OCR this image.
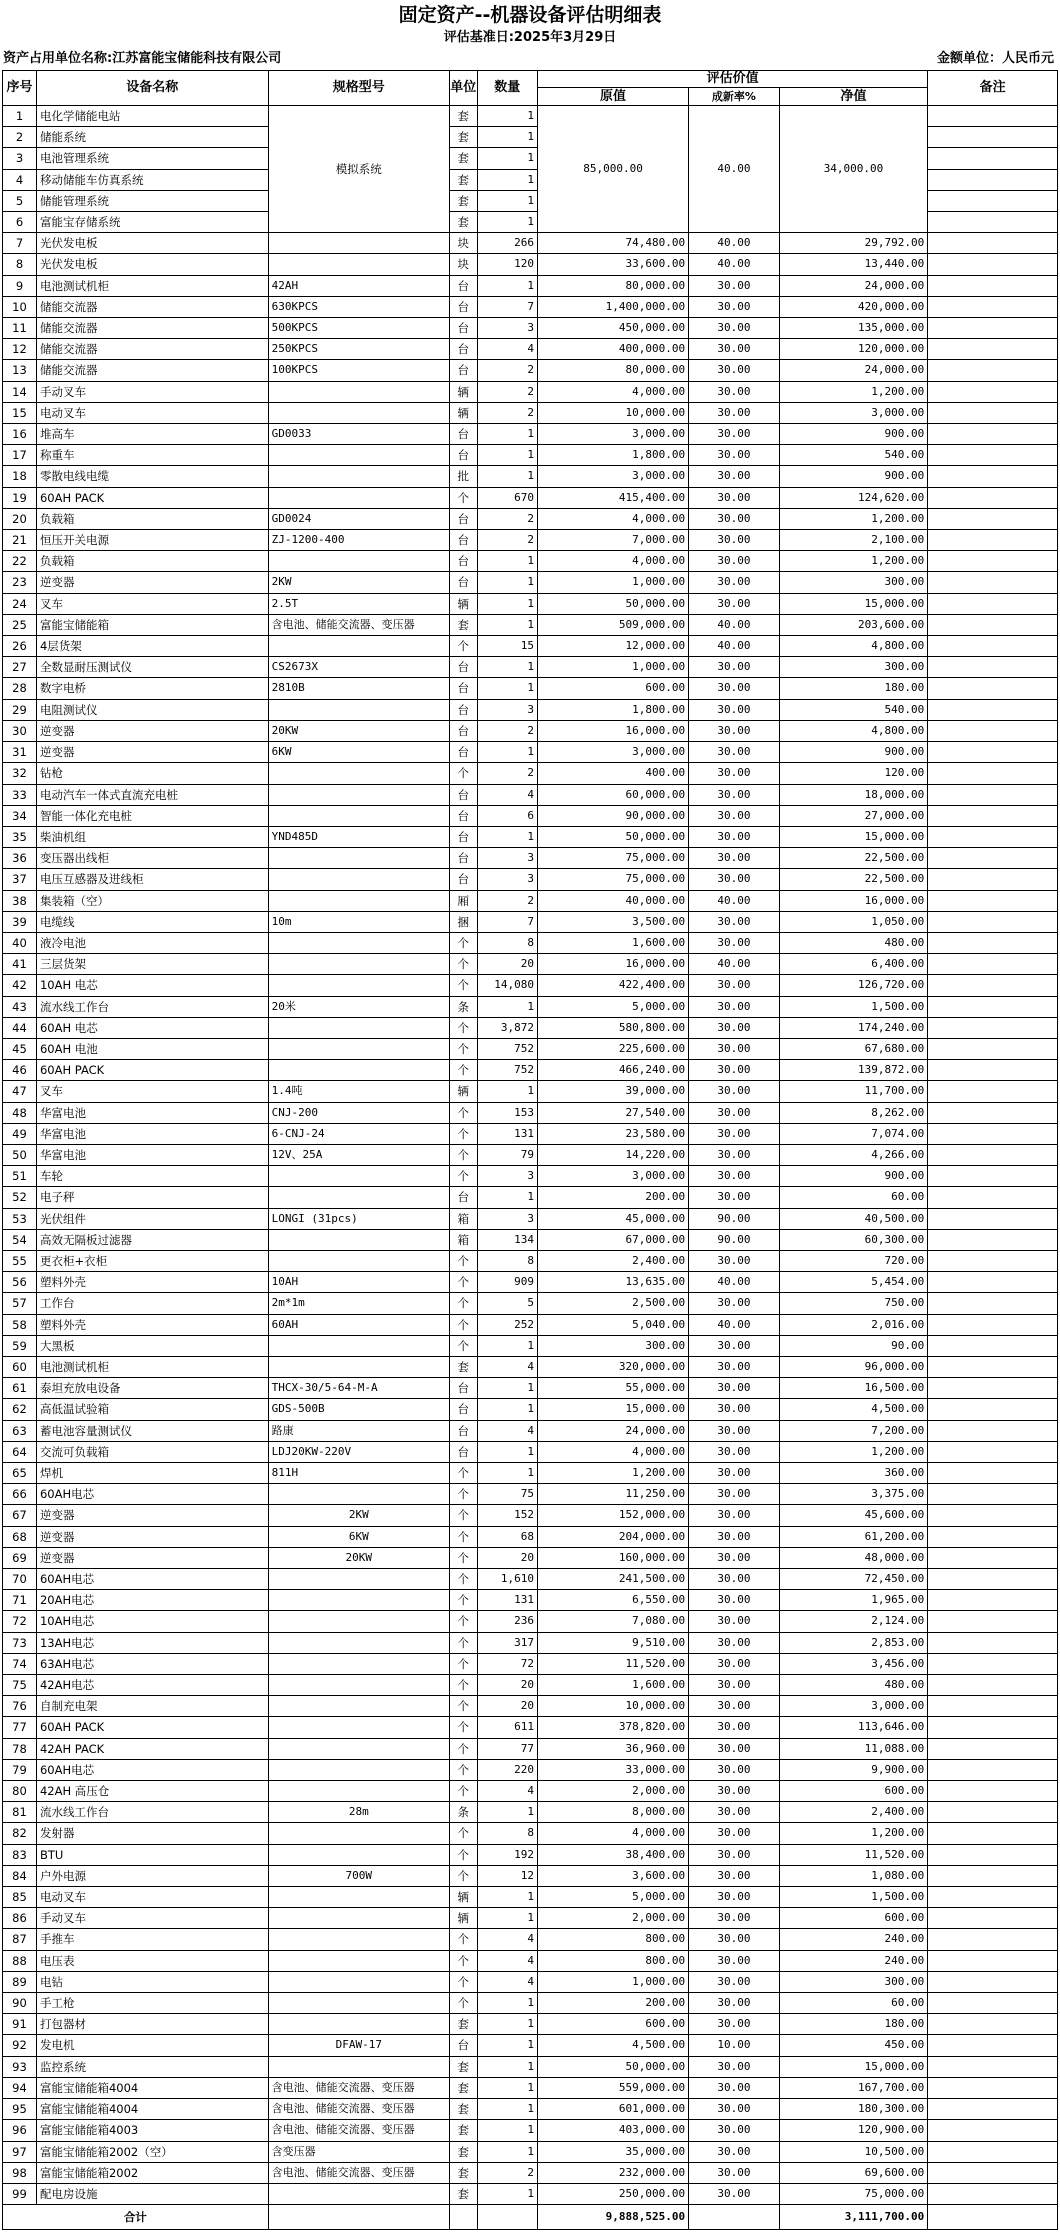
固定资产--机器设备评估明细表
评估基准日:2025年3月29日
资产占用单位名称:江苏富能宝储能科技有限公司	金额单位：人民币元
序号	设备名称	规格型号	单位	数量	评估价值			备注
					原值	成新率%	净值	
1	电化学储能电站	模拟系统	套	1	85,000.00	40.00	34,000.00	
2	储能系统		套	1				
3	电池管理系统		套	1				
4	移动储能车仿真系统		套	1				
5	储能管理系统		套	1				
6	富能宝存储系统		套	1				
7	光伏发电板		块	266	74,480.00	40.00	29,792.00	
8	光伏发电板		块	120	33,600.00	40.00	13,440.00	
9	电池测试机柜	42AH	台	1	80,000.00	30.00	24,000.00	
10	储能交流器	630KPCS	台	7	1,400,000.00	30.00	420,000.00	
11	储能交流器	500KPCS	台	3	450,000.00	30.00	135,000.00	
12	储能交流器	250KPCS	台	4	400,000.00	30.00	120,000.00	
13	储能交流器	100KPCS	台	2	80,000.00	30.00	24,000.00	
14	手动叉车		辆	2	4,000.00	30.00	1,200.00	
15	电动叉车		辆	2	10,000.00	30.00	3,000.00	
16	堆高车	GD0033	台	1	3,000.00	30.00	900.00	
17	称重车		台	1	1,800.00	30.00	540.00	
18	零散电线电缆		批	1	3,000.00	30.00	900.00	
19	60AH PACK		个	670	415,400.00	30.00	124,620.00	
20	负载箱	GD0024	台	2	4,000.00	30.00	1,200.00	
21	恒压开关电源	ZJ-1200-400	台	2	7,000.00	30.00	2,100.00	
22	负载箱		台	1	4,000.00	30.00	1,200.00	
23	逆变器	2KW	台	1	1,000.00	30.00	300.00	
24	叉车	2.5T	辆	1	50,000.00	30.00	15,000.00	
25	富能宝储能箱	含电池、储能交流器、变压器	套	1	509,000.00	40.00	203,600.00	
26	4层货架		个	15	12,000.00	40.00	4,800.00	
27	全数显耐压测试仪	CS2673X	台	1	1,000.00	30.00	300.00	
28	数字电桥	2810B	台	1	600.00	30.00	180.00	
29	电阻测试仪		台	3	1,800.00	30.00	540.00	
30	逆变器	20KW	台	2	16,000.00	30.00	4,800.00	
31	逆变器	6KW	台	1	3,000.00	30.00	900.00	
32	钻枪		个	2	400.00	30.00	120.00	
33	电动汽车一体式直流充电桩		台	4	60,000.00	30.00	18,000.00	
34	智能一体化充电桩		台	6	90,000.00	30.00	27,000.00	
35	柴油机组	YND485D	台	1	50,000.00	30.00	15,000.00	
36	变压器出线柜		台	3	75,000.00	30.00	22,500.00	
37	电压互感器及进线柜		台	3	75,000.00	30.00	22,500.00	
38	集装箱（空）		厢	2	40,000.00	40.00	16,000.00	
39	电缆线	10m	捆	7	3,500.00	30.00	1,050.00	
40	液冷电池		个	8	1,600.00	30.00	480.00	
41	三层货架		个	20	16,000.00	40.00	6,400.00	
42	10AH 电芯		个	14,080	422,400.00	30.00	126,720.00	
43	流水线工作台	20米	条	1	5,000.00	30.00	1,500.00	
44	60AH 电芯		个	3,872	580,800.00	30.00	174,240.00	
45	60AH 电池		个	752	225,600.00	30.00	67,680.00	
46	60AH PACK		个	752	466,240.00	30.00	139,872.00	
47	叉车	1.4吨	辆	1	39,000.00	30.00	11,700.00	
48	华富电池	CNJ-200	个	153	27,540.00	30.00	8,262.00	
49	华富电池	6-CNJ-24	个	131	23,580.00	30.00	7,074.00	
50	华富电池	12V、25A	个	79	14,220.00	30.00	4,266.00	
51	车轮		个	3	3,000.00	30.00	900.00	
52	电子秤		台	1	200.00	30.00	60.00	
53	光伏组件	LONGI (31pcs)	箱	3	45,000.00	90.00	40,500.00	
54	高效无隔板过滤器		箱	134	67,000.00	90.00	60,300.00	
55	更衣柜+衣柜		个	8	2,400.00	30.00	720.00	
56	塑料外壳	10AH	个	909	13,635.00	40.00	5,454.00	
57	工作台	2m*1m	个	5	2,500.00	30.00	750.00	
58	塑料外壳	60AH	个	252	5,040.00	40.00	2,016.00	
59	大黑板		个	1	300.00	30.00	90.00	
60	电池测试机柜		套	4	320,000.00	30.00	96,000.00	
61	泰坦充放电设备	THCX-30/5-64-M-A	台	1	55,000.00	30.00	16,500.00	
62	高低温试验箱	GDS-500B	台	1	15,000.00	30.00	4,500.00	
63	蓄电池容量测试仪	路康	台	4	24,000.00	30.00	7,200.00	
64	交流可负载箱	LDJ20KW-220V	台	1	4,000.00	30.00	1,200.00	
65	焊机	811H	个	1	1,200.00	30.00	360.00	
66	60AH电芯		个	75	11,250.00	30.00	3,375.00	
67	逆变器	2KW	个	152	152,000.00	30.00	45,600.00	
68	逆变器	6KW	个	68	204,000.00	30.00	61,200.00	
69	逆变器	20KW	个	20	160,000.00	30.00	48,000.00	
70	60AH电芯		个	1,610	241,500.00	30.00	72,450.00	
71	20AH电芯		个	131	6,550.00	30.00	1,965.00	
72	10AH电芯		个	236	7,080.00	30.00	2,124.00	
73	13AH电芯		个	317	9,510.00	30.00	2,853.00	
74	63AH电芯		个	72	11,520.00	30.00	3,456.00	
75	42AH电芯		个	20	1,600.00	30.00	480.00	
76	自制充电架		个	20	10,000.00	30.00	3,000.00	
77	60AH PACK		个	611	378,820.00	30.00	113,646.00	
78	42AH PACK		个	77	36,960.00	30.00	11,088.00	
79	60AH电芯		个	220	33,000.00	30.00	9,900.00	
80	42AH 高压仓		个	4	2,000.00	30.00	600.00	
81	流水线工作台	28m	条	1	8,000.00	30.00	2,400.00	
82	发射器		个	8	4,000.00	30.00	1,200.00	
83	BTU		个	192	38,400.00	30.00	11,520.00	
84	户外电源	700W	个	12	3,600.00	30.00	1,080.00	
85	电动叉车		辆	1	5,000.00	30.00	1,500.00	
86	手动叉车		辆	1	2,000.00	30.00	600.00	
87	手推车		个	4	800.00	30.00	240.00	
88	电压表		个	4	800.00	30.00	240.00	
89	电钻		个	4	1,000.00	30.00	300.00	
90	手工枪		个	1	200.00	30.00	60.00	
91	打包器材		套	1	600.00	30.00	180.00	
92	发电机	DFAW-17	台	1	4,500.00	10.00	450.00	
93	监控系统		套	1	50,000.00	30.00	15,000.00	
94	富能宝储能箱4004	含电池、储能交流器、变压器	套	1	559,000.00	30.00	167,700.00	
95	富能宝储能箱4004	含电池、储能交流器、变压器	套	1	601,000.00	30.00	180,300.00	
96	富能宝储能箱4003	含电池、储能交流器、变压器	套	1	403,000.00	30.00	120,900.00	
97	富能宝储能箱2002（空）	含变压器	套	1	35,000.00	30.00	10,500.00	
98	富能宝储能箱2002	含电池、储能交流器、变压器	套	2	232,000.00	30.00	69,600.00	
99	配电房设施		套	1	250,000.00	30.00	75,000.00	
合计					9,888,525.00		3,111,700.00	
